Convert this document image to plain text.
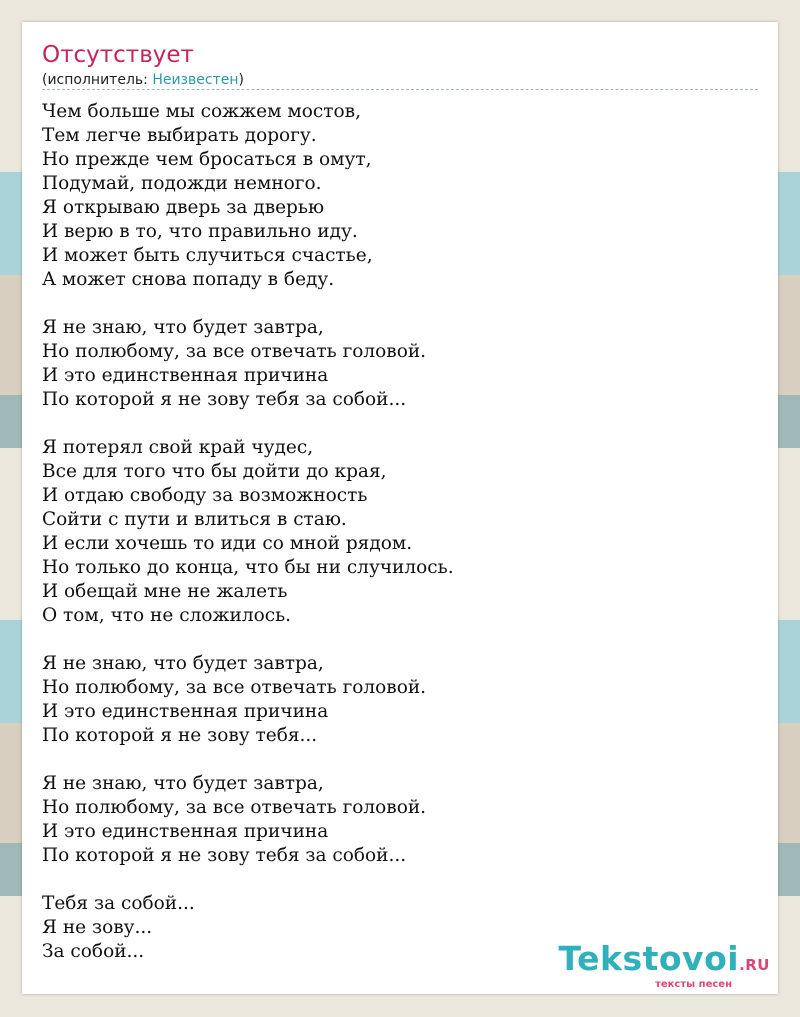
Отсутствует
(исполнитель: Неизвестен)
Чем больше мы сожжем мостов,
Тем легче выбирать дорогу.
Но прежде чем бросаться в омут,
Подумай, подожди немного.
Я открываю дверь за дверью
И верю в то, что правильно иду.
И может быть случиться счастье,
А может снова попаду в беду.
Я не знаю, что будет завтра,
Но полюбому, за все отвечать головой.
И это единственная причина
По которой я не зову тебя за собой...
Я потерял свой край чудес,
Все для того что бы дойти до края,
И отдаю свободу за возможность
Сойти с пути и влиться в стаю.
И если хочешь то иди со мной рядом.
Но только до конца, что бы ни случилось.
И обещай мне не жалеть
О том, что не сложилось.
Я не знаю, что будет завтра,
Но полюбому, за все отвечать головой.
И это единственная причина
По которой я не зову тебя...
Я не знаю, что будет завтра,
Но полюбому, за все отвечать головой.
И это единственная причина
По которой я не зову тебя за собой...
Тебя за собой...
Я не зову...
За собой...	Tekstovoi.RU
тексты песен
